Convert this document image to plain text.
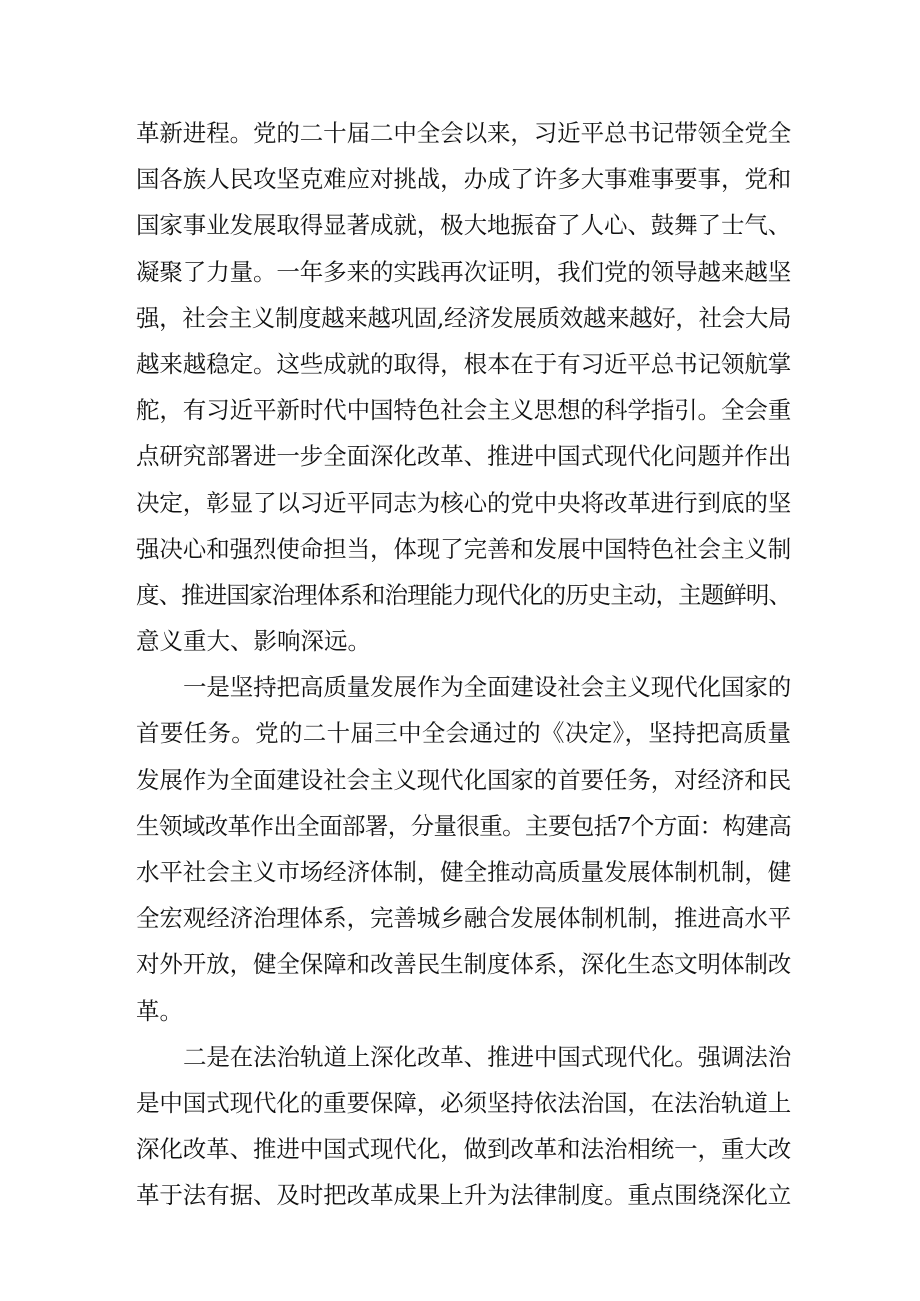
革新进程。党的二十届二中全会以来，习近平总书记带领全党全
国各族人民攻坚克难应对挑战，办成了许多大事难事要事，党和
国家事业发展取得显著成就，极大地振奋了人心、鼓舞了士气、
凝聚了力量。一年多来的实践再次证明，我们党的领导越来越坚
强，社会主义制度越来越巩固,经济发展质效越来越好，社会大局
越来越稳定。这些成就的取得，根本在于有习近平总书记领航掌
舵，有习近平新时代中国特色社会主义思想的科学指引。全会重
点研究部署进一步全面深化改革、推进中国式现代化问题并作出
决定，彰显了以习近平同志为核心的党中央将改革进行到底的坚
强决心和强烈使命担当，体现了完善和发展中国特色社会主义制
度、推进国家治理体系和治理能力现代化的历史主动，主题鲜明、
意义重大、影响深远。
一是坚持把高质量发展作为全面建设社会主义现代化国家的
首要任务。党的二十届三中全会通过的《决定》，坚持把高质量
发展作为全面建设社会主义现代化国家的首要任务，对经济和民
生领域改革作出全面部署，分量很重。主要包括7个方面：构建高
水平社会主义市场经济体制，健全推动高质量发展体制机制，健
全宏观经济治理体系，完善城乡融合发展体制机制，推进高水平
对外开放，健全保障和改善民生制度体系，深化生态文明体制改
革。
二是在法治轨道上深化改革、推进中国式现代化。强调法治
是中国式现代化的重要保障，必须坚持依法治国，在法治轨道上
深化改革、推进中国式现代化，做到改革和法治相统一，重大改
革于法有据、及时把改革成果上升为法律制度。重点围绕深化立
